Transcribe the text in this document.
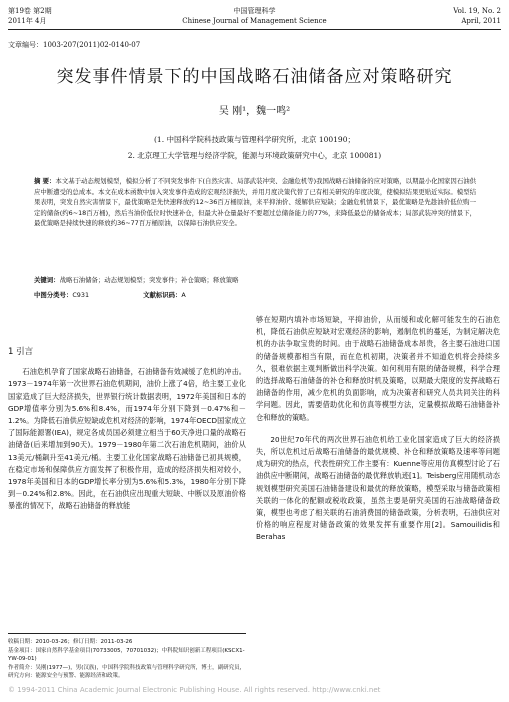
第19卷 第2期
2011年 4月
中国管理科学
Chinese Journal of Management Science
Vol. 19, No. 2
April, 2011
文章编号：1003-207(2011)02-0140-07
突发事件情景下的中国战略石油储备应对策略研究
吴 刚¹，魏一鸣²
(1. 中国科学院科技政策与管理科学研究所，北京 100190；
2. 北京理工大学管理与经济学院，能源与环境政策研究中心，北京 100081)
摘 要：本文基于动态规划模型，模拟分析了不同突发事件下(自然灾害、局部武装冲突、金融危机等)我国战略石油储备的应对策略，以期最小化国家因石油供应中断遭受的总成本。本文在成本函数中加入突发事件造成的宏观经济损失，并用月度决策代替了已有相关研究的年度决策，使模拟结果更贴近实际。模型结果表明，突发自然灾害情景下，最优策略是先快速释放约12~36百万桶原油，来平抑油价、缓解供应短缺；金融危机情景下，最优策略是先趁油价低位购一定的储备(约6~18百万桶)，然后当油价低位时快速补仓，但最大补仓量最好不要超过总储备能力的77%，来降低最总的储备成本；局部武装冲突的情景下，最优策略是持续快速的释放约36~77百万桶原油，以保障石油供应安全。
关键词：战略石油储备；动态规划模型；突发事件；补仓策略；释放策略
中图分类号：C931	文献标识码：A
1 引言
石油危机孕育了国家战略石油储备，石油储备有效减缓了危机的冲击。1973－1974年第一次世界石油危机期间，油价上涨了4倍，给主要工业化国家造成了巨大经济损失，世界银行统计数据表明，1972年美国和日本的GDP增值率分别为5.6%和8.4%，而1974年分别下降到－0.47%和－1.2%。为降低石油供应短缺或危机对经济的影响，1974年OECD国家成立了国际能源署(IEA)，规定各成员国必须建立相当于60天净进口量的战略石油储备(后来增加到90天)。1979－1980年第二次石油危机期间，油价从13美元/桶飙升至41美元/桶。主要工业化国家战略石油储备已初具规模，在稳定市场和保障供应方面发挥了积极作用，造成的经济损失相对较小，1978年美国和日本的GDP增长率分别为5.6%和5.3%，1980年分别下降到－0.24%和2.8%。因此，在石油供应出现重大短缺、中断以及原油价格暴涨的情况下，战略石油储备的释放能
够在短期内填补市场短缺，平抑油价，从而缓和或化解可能发生的石油危机，降低石油供应短缺对宏观经济的影响，遏制危机的蔓延，为制定解决危机的办法争取宝贵的时间。由于战略石油储备成本昂贵，各主要石油进口国的储备规模都相当有限，而在危机初期，决策者并不知道危机将会持续多久，很难依据主观判断做出科学决策。如何利用有限的储备规模，科学合理的选择战略石油储备的补仓和释放时机及策略，以期最大限度的发挥战略石油储备的作用，减少危机的负面影响，成为决策者和研究人员共同关注的科学问题。因此，需要借助优化和仿真等模型方法，定量模拟战略石油储备补仓和释放的策略。
20世纪70年代的两次世界石油危机给工业化国家造成了巨大的经济损失，所以危机过后战略石油储备的最优规模、补仓和释放策略及速率等问题成为研究的热点，代表性研究工作主要有：Kuenne等应用仿真模型讨论了石油供应中断期间，战略石油储备的最优释放轨迹[1]。Teisberg应用随机动态规划模型研究美国石油储备建设和最优的释放策略，模型采取与储备政策相关联的一体化的配额或税收政策，虽然主要是研究美国的石油战略储备政策，模型也考虑了相关联的石油消费国的储备政策，分析表明，石油供应对价格的响应程度对储备政策的效果发挥有重要作用[2]。Samouilidis和Berahas
收稿日期：2010-03-26；修订日期：2011-03-26
基金项目：国家自然科学基金项目(70733005，70701032)；中科院知识创新工程项目(KSCX1-YW-09-01)
作者简介：吴刚(1977—)，男(汉族)，中国科学院科技政策与管理科学研究所，博士，副研究员，研究方向：能源安全与预警、能源经济和政策。
© 1994-2011 China Academic Journal Electronic Publishing House. All rights reserved. http://www.cnki.net
